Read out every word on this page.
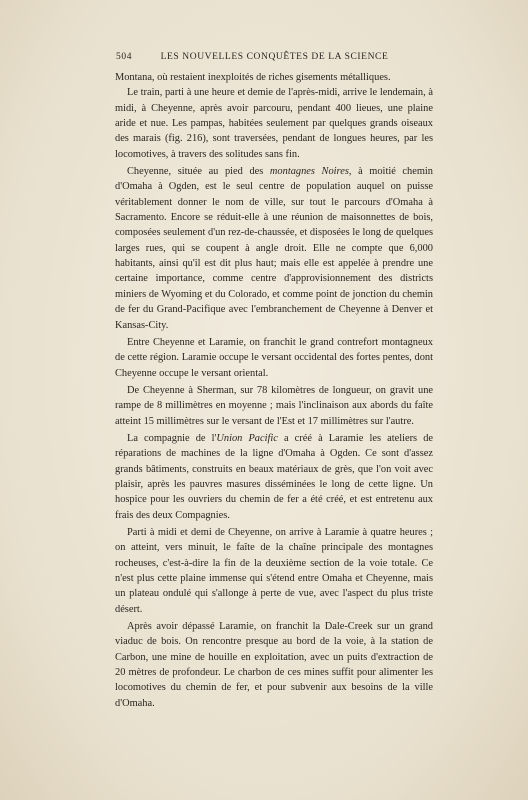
504	LES NOUVELLES CONQUÊTES DE LA SCIENCE

Montana, où restaient inexploités de riches gisements métalliques.

Le train, parti à une heure et demie de l'après-midi, arrive le lendemain, à midi, à Cheyenne, après avoir parcouru, pendant 400 lieues, une plaine aride et nue. Les pampas, habitées seulement par quelques grands oiseaux des marais (fig. 216), sont traversées, pendant de longues heures, par les locomotives, à travers des solitudes sans fin.

Cheyenne, située au pied des montagnes Noires, à moitié chemin d'Omaha à Ogden, est le seul centre de population auquel on puisse véritablement donner le nom de ville, sur tout le parcours d'Omaha à Sacramento. Encore se réduit-elle à une réunion de maisonnettes de bois, composées seulement d'un rez-de-chaussée, et disposées le long de quelques larges rues, qui se coupent à angle droit. Elle ne compte que 6,000 habitants, ainsi qu'il est dit plus haut; mais elle est appelée à prendre une certaine importance, comme centre d'approvisionnement des districts miniers de Wyoming et du Colorado, et comme point de jonction du chemin de fer du Grand-Pacifique avec l'embranchement de Cheyenne à Denver et Kansas-City.

Entre Cheyenne et Laramie, on franchit le grand contrefort montagneux de cette région. Laramie occupe le versant occidental des fortes pentes, dont Cheyenne occupe le versant oriental.

De Cheyenne à Sherman, sur 78 kilomètres de longueur, on gravit une rampe de 8 millimètres en moyenne ; mais l'inclinaison aux abords du faîte atteint 15 millimètres sur le versant de l'Est et 17 millimètres sur l'autre.

La compagnie de l'Union Pacific a créé à Laramie les ateliers de réparations de machines de la ligne d'Omaha à Ogden. Ce sont d'assez grands bâtiments, construits en beaux matériaux de grès, que l'on voit avec plaisir, après les pauvres masures disséminées le long de cette ligne. Un hospice pour les ouvriers du chemin de fer a été créé, et est entretenu aux frais des deux Compagnies.

Parti à midi et demi de Cheyenne, on arrive à Laramie à quatre heures ; on atteint, vers minuit, le faîte de la chaîne principale des montagnes rocheuses, c'est-à-dire la fin de la deuxième section de la voie totale. Ce n'est plus cette plaine immense qui s'étend entre Omaha et Cheyenne, mais un plateau ondulé qui s'allonge à perte de vue, avec l'aspect du plus triste désert.

Après avoir dépassé Laramie, on franchit la Dale-Creek sur un grand viaduc de bois. On rencontre presque au bord de la voie, à la station de Carbon, une mine de houille en exploitation, avec un puits d'extraction de 20 mètres de profondeur. Le charbon de ces mines suffit pour alimenter les locomotives du chemin de fer, et pour subvenir aux besoins de la ville d'Omaha.
